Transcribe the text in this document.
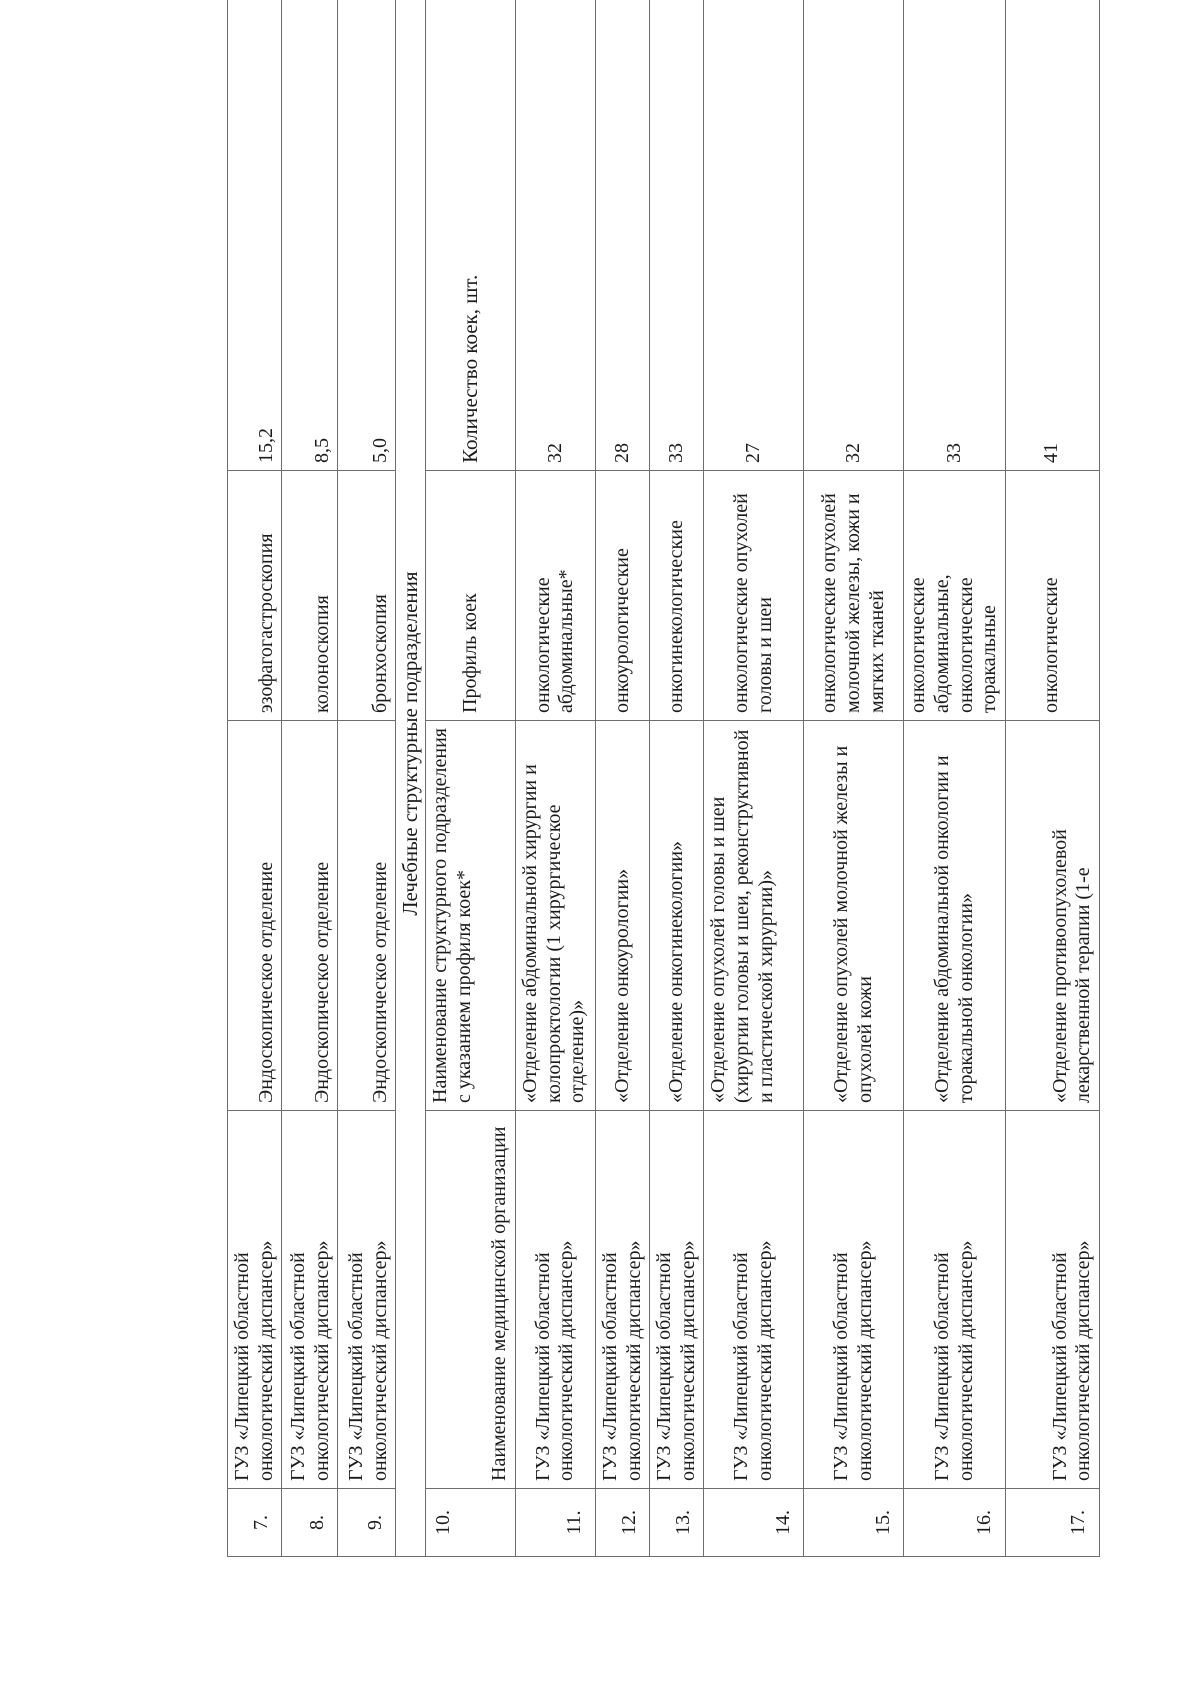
7.	ГУЗ «Липецкий областной онкологический диспансер»	Эндоскопическое отделение	эзофагогастроскопия	15,2
8.	ГУЗ «Липецкий областной онкологический диспансер»	Эндоскопическое отделение	колоноскопия	8,5
9.	ГУЗ «Липецкий областной онкологический диспансер»	Эндоскопическое отделение	бронхоскопия	5,0
Лечебные структурные подразделения				
10.	Наименование медицинской организации	Наименование структурного подразделения с указанием профиля коек*	Профиль коек	Количество коек, шт.
11.	ГУЗ «Липецкий областной онкологический диспансер»	«Отделение абдоминальной хирургии и колопроктологии (1 хирургическое отделение)»	онкологические абдоминальные*	32
12.	ГУЗ «Липецкий областной онкологический диспансер»	«Отделение онкоурологии»	онкоурологические	28
13.	ГУЗ «Липецкий областной онкологический диспансер»	«Отделение онкогинекологии»	онкогинекологические	33
14.	ГУЗ «Липецкий областной онкологический диспансер»	«Отделение опухолей головы и шеи (хирургии головы и шеи, реконструктивной и пластической хирургии)»	онкологические опухолей головы и шеи	27
15.	ГУЗ «Липецкий областной онкологический диспансер»	«Отделение опухолей молочной железы и опухолей кожи	онкологические опухолей молочной железы, кожи и мягких тканей	32
16.	ГУЗ «Липецкий областной онкологический диспансер»	«Отделение абдоминальной онкологии и торакальной онкологии»	онкологические абдоминальные, онкологические торакальные	33
17.	ГУЗ «Липецкий областной онкологический диспансер»	«Отделение противоопухолевой лекарственной терапии (1-е	онкологические	41
